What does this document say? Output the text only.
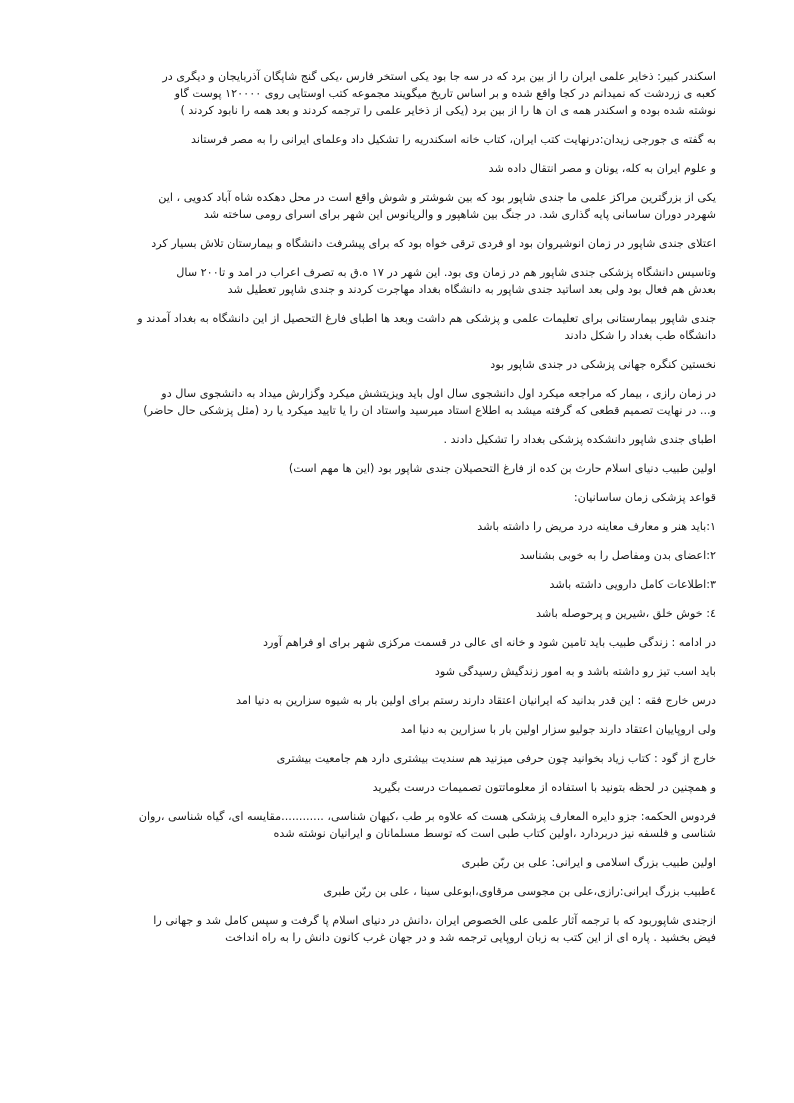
اسکندر کبیر: ذخایر علمی ایران را از بین برد که در سه جا بود یکی استخر فارس ،یکی گنج شاپگان آذربایجان و دیگری در
کعبه ی زردشت که نمیدانم در کجا واقع شده و بر اساس تاریخ میگویند مجموعه کتب اوستایی روی ۱۲۰۰۰۰ پوست گاو
نوشته شده بوده و اسکندر همه ی ان ها را از بین برد (یکی از ذخایر علمی را ترجمه کردند و بعد همه را نابود کردند )

به گفته ی جورجی زیدان:درنهایت کتب ایران، کتاب خانه اسکندریه را تشکیل داد وعلمای ایرانی را به مصر فرستاند

و علوم ایران به کله، یونان و مصر انتقال داده شد

یکی از بزرگترین مراکز علمی ما جندی شاپور بود که بین شوشتر و شوش واقع است در محل دهکده شاه آباد کدویی ، این
شهردر دوران ساسانی پایه گذاری شد. در جنگ بین شاهپور و والریانوس این شهر برای اسرای رومی ساخته شد

اعتلای جندی شاپور در زمان انوشیروان بود او فردی ترقی خواه بود که برای پیشرفت دانشگاه و بیمارستان تلاش بسیار کرد

وتاسیس دانشگاه پزشکی جندی شاپور هم در زمان وی بود. این شهر در ۱۷ ه.ق به تصرف اعراب در امد و تا۲۰۰ سال
بعدش هم فعال بود ولی بعد اساتید جندی شاپور به دانشگاه بغداد مهاجرت کردند و جندی شاپور تعطیل شد

جندی شاپور بیمارستانی برای تعلیمات علمی و پزشکی هم داشت وبعد ها اطبای فارغ التحصیل از این دانشگاه به بغداد آمدند و
دانشگاه طب بغداد را شکل دادند

نخستین کنگره جهانی پزشکی در جندی شاپور بود

در زمان رازی ، بیمار که مراجعه میکرد اول دانشجوی سال اول باید ویزیتشش میکرد وگزارش میداد به دانشجوی سال دو
و... در نهایت تصمیم قطعی که گرفته میشد به اطلاع استاد میرسید واستاد ان را یا تایید میکرد یا رد (مثل پزشکی حال حاضر)

اطبای جندی شاپور دانشکده پزشکی بغداد را تشکیل دادند .

اولین طبیب دنیای اسلام حارث بن کده از فارغ التحصیلان جندی شاپور بود (این ها مهم است)

قواعد پزشکی زمان ساسانیان:

۱:باید هنر و معارف معاینه درد مریض را داشته باشد

۲:اعضای بدن ومفاصل را به خوبی بشناسد

۳:اطلاعات کامل دارویی داشته باشد

٤: خوش خلق ،شیرین و پرحوصله باشد

در ادامه : زندگی طبیب باید تامین شود و خانه ای عالی در قسمت مرکزی شهر برای او فراهم آورد

باید اسب تیز رو داشته باشد و به امور زندگیش رسیدگی شود

درس خارج فقه : این قدر بدانید که ایرانیان اعتقاد دارند رستم برای اولین بار به شیوه سزارین به دنیا امد

ولی اروپاییان اعتقاد دارند جولیو سزار اولین بار با سزارین به دنیا امد

خارج از گود : کتاب زیاد بخوانید چون حرفی میزنید هم سندیت بیشتری دارد هم جامعیت بیشتری

و همچنین در لحظه بتونید با استفاده از معلوماتتون تصمیمات درست بگیرید

فردوس الحکمه: جزو دایره المعارف پزشکی هست که علاوه بر طب ،کیهان شناسی، ............مقایسه ای، گیاه شناسی ،روان
شناسی و فلسفه نیز دربردارد ،اولین کتاب طبی است که توسط مسلمانان و ایرانیان نوشته شده

اولین طبیب بزرگ اسلامی و ایرانی: علی بن ربّن طبری

٤طبیب بزرگ ایرانی:رازی،علی بن مجوسی مرقاوی،ابوعلی سینا ، علی بن ربّن طبری

ازجندی شاپوربود که با ترجمه آثار علمی علی الخصوص ایران ،دانش در دنیای اسلام پا گرفت و سپس کامل شد و جهانی را
فیض بخشید . پاره ای از این کتب به زبان اروپایی ترجمه شد و در جهان غرب کانون دانش را به راه انداخت
